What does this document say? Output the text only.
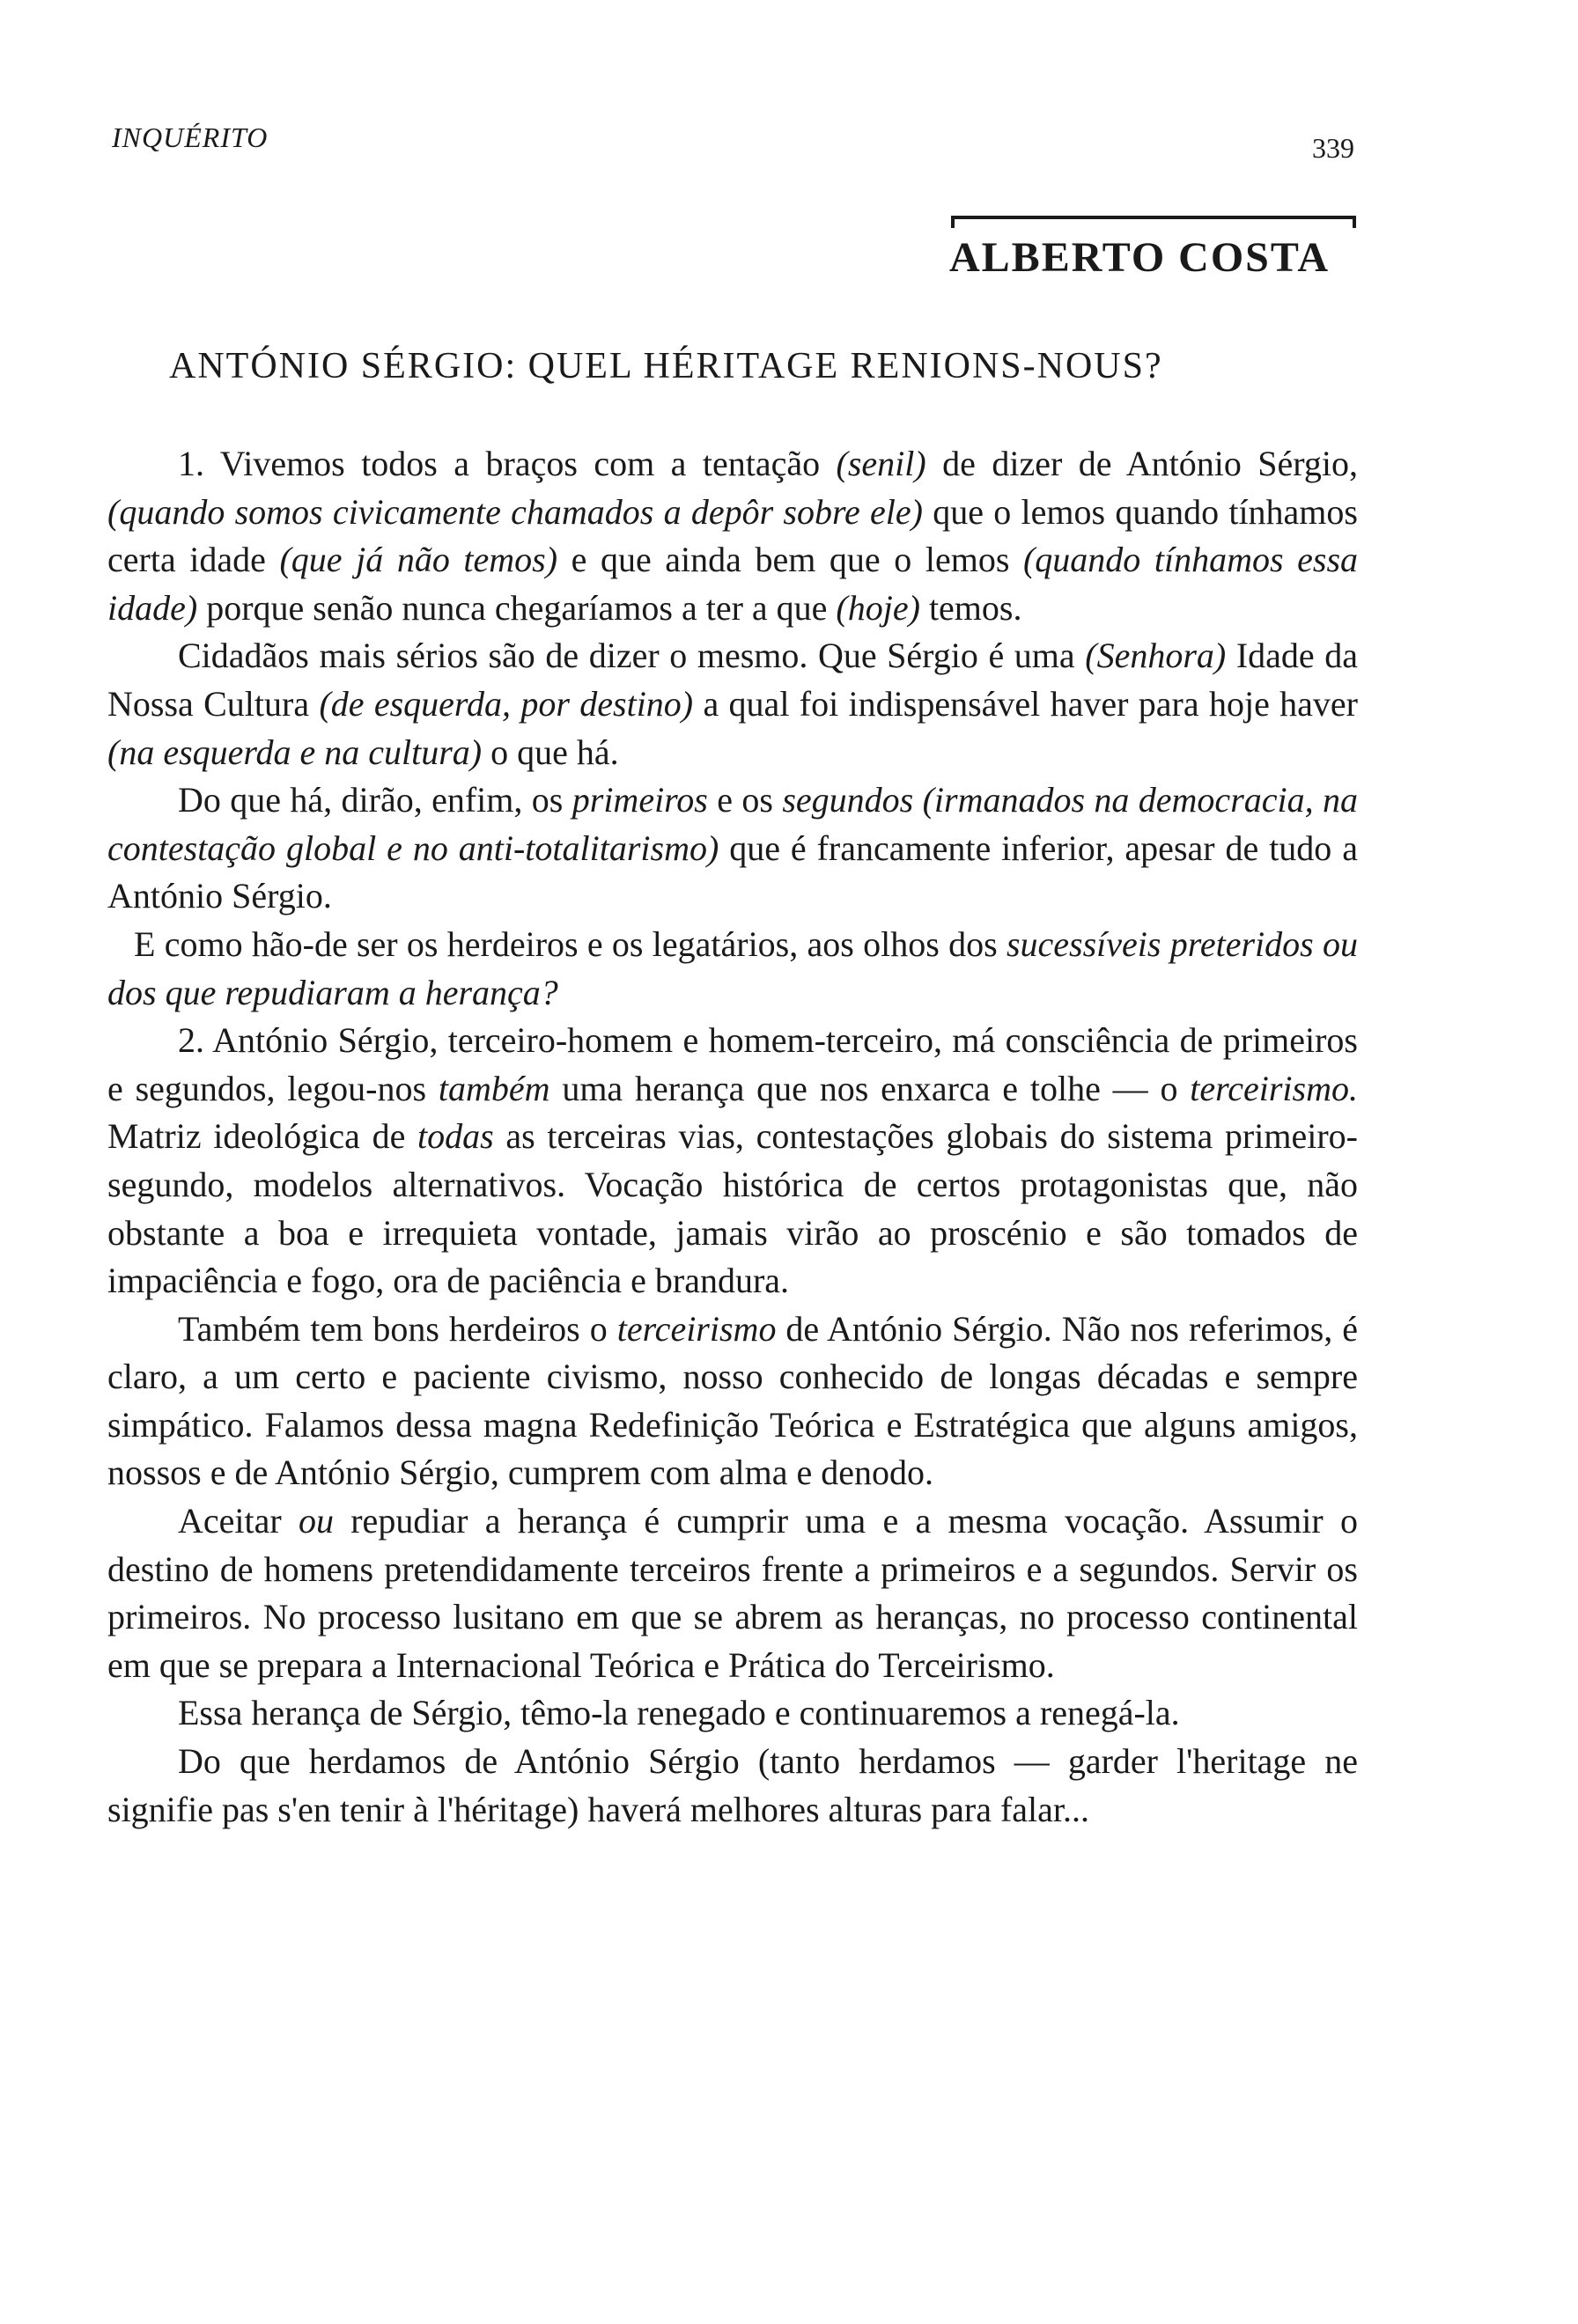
INQUÉRITO	339
ALBERTO COSTA
ANTÓNIO SÉRGIO: QUEL HÉRITAGE RENIONS-NOUS?

1. Vivemos todos a braços com a tentação (senil) de dizer de António Sérgio, (quando somos civicamente chamados a depôr sobre ele) que o lemos quando tínhamos certa idade (que já não temos) e que ainda bem que o lemos (quando tínhamos essa idade) porque senão nunca chegaríamos a ter a que (hoje) temos.

Cidadãos mais sérios são de dizer o mesmo. Que Sérgio é uma (Senhora) Idade da Nossa Cultura (de esquerda, por destino) a qual foi indispensável haver para hoje haver (na esquerda e na cultura) o que há.

Do que há, dirão, enfim, os primeiros e os segundos (irmanados na democracia, na contestação global e no anti-totalitarismo) que é francamente inferior, apesar de tudo a António Sérgio.

E como hão-de ser os herdeiros e os legatários, aos olhos dos sucessíveis preteridos ou dos que repudiaram a herança?

2. António Sérgio, terceiro-homem e homem-terceiro, má consciência de primeiros e segundos, legou-nos também uma herança que nos enxarca e tolhe — o terceirismo. Matriz ideológica de todas as terceiras vias, contestações globais do sistema primeiro-segundo, modelos alternativos. Vocação histórica de certos protagonistas que, não obstante a boa e irrequieta vontade, jamais virão ao proscénio e são tomados de impaciência e fogo, ora de paciência e brandura.

Também tem bons herdeiros o terceirismo de António Sérgio. Não nos referimos, é claro, a um certo e paciente civismo, nosso conhecido de longas décadas e sempre simpático. Falamos dessa magna Redefinição Teórica e Estratégica que alguns amigos, nossos e de António Sérgio, cumprem com alma e denodo.

Aceitar ou repudiar a herança é cumprir uma e a mesma vocação. Assumir o destino de homens pretendidamente terceiros frente a primeiros e a segundos. Servir os primeiros. No processo lusitano em que se abrem as heranças, no processo continental em que se prepara a Internacional Teórica e Prática do Terceirismo.

Essa herança de Sérgio, têmo-la renegado e continuaremos a renegá-la.

Do que herdamos de António Sérgio (tanto herdamos — garder l'heritage ne signifie pas s'en tenir à l'héritage) haverá melhores alturas para falar...
